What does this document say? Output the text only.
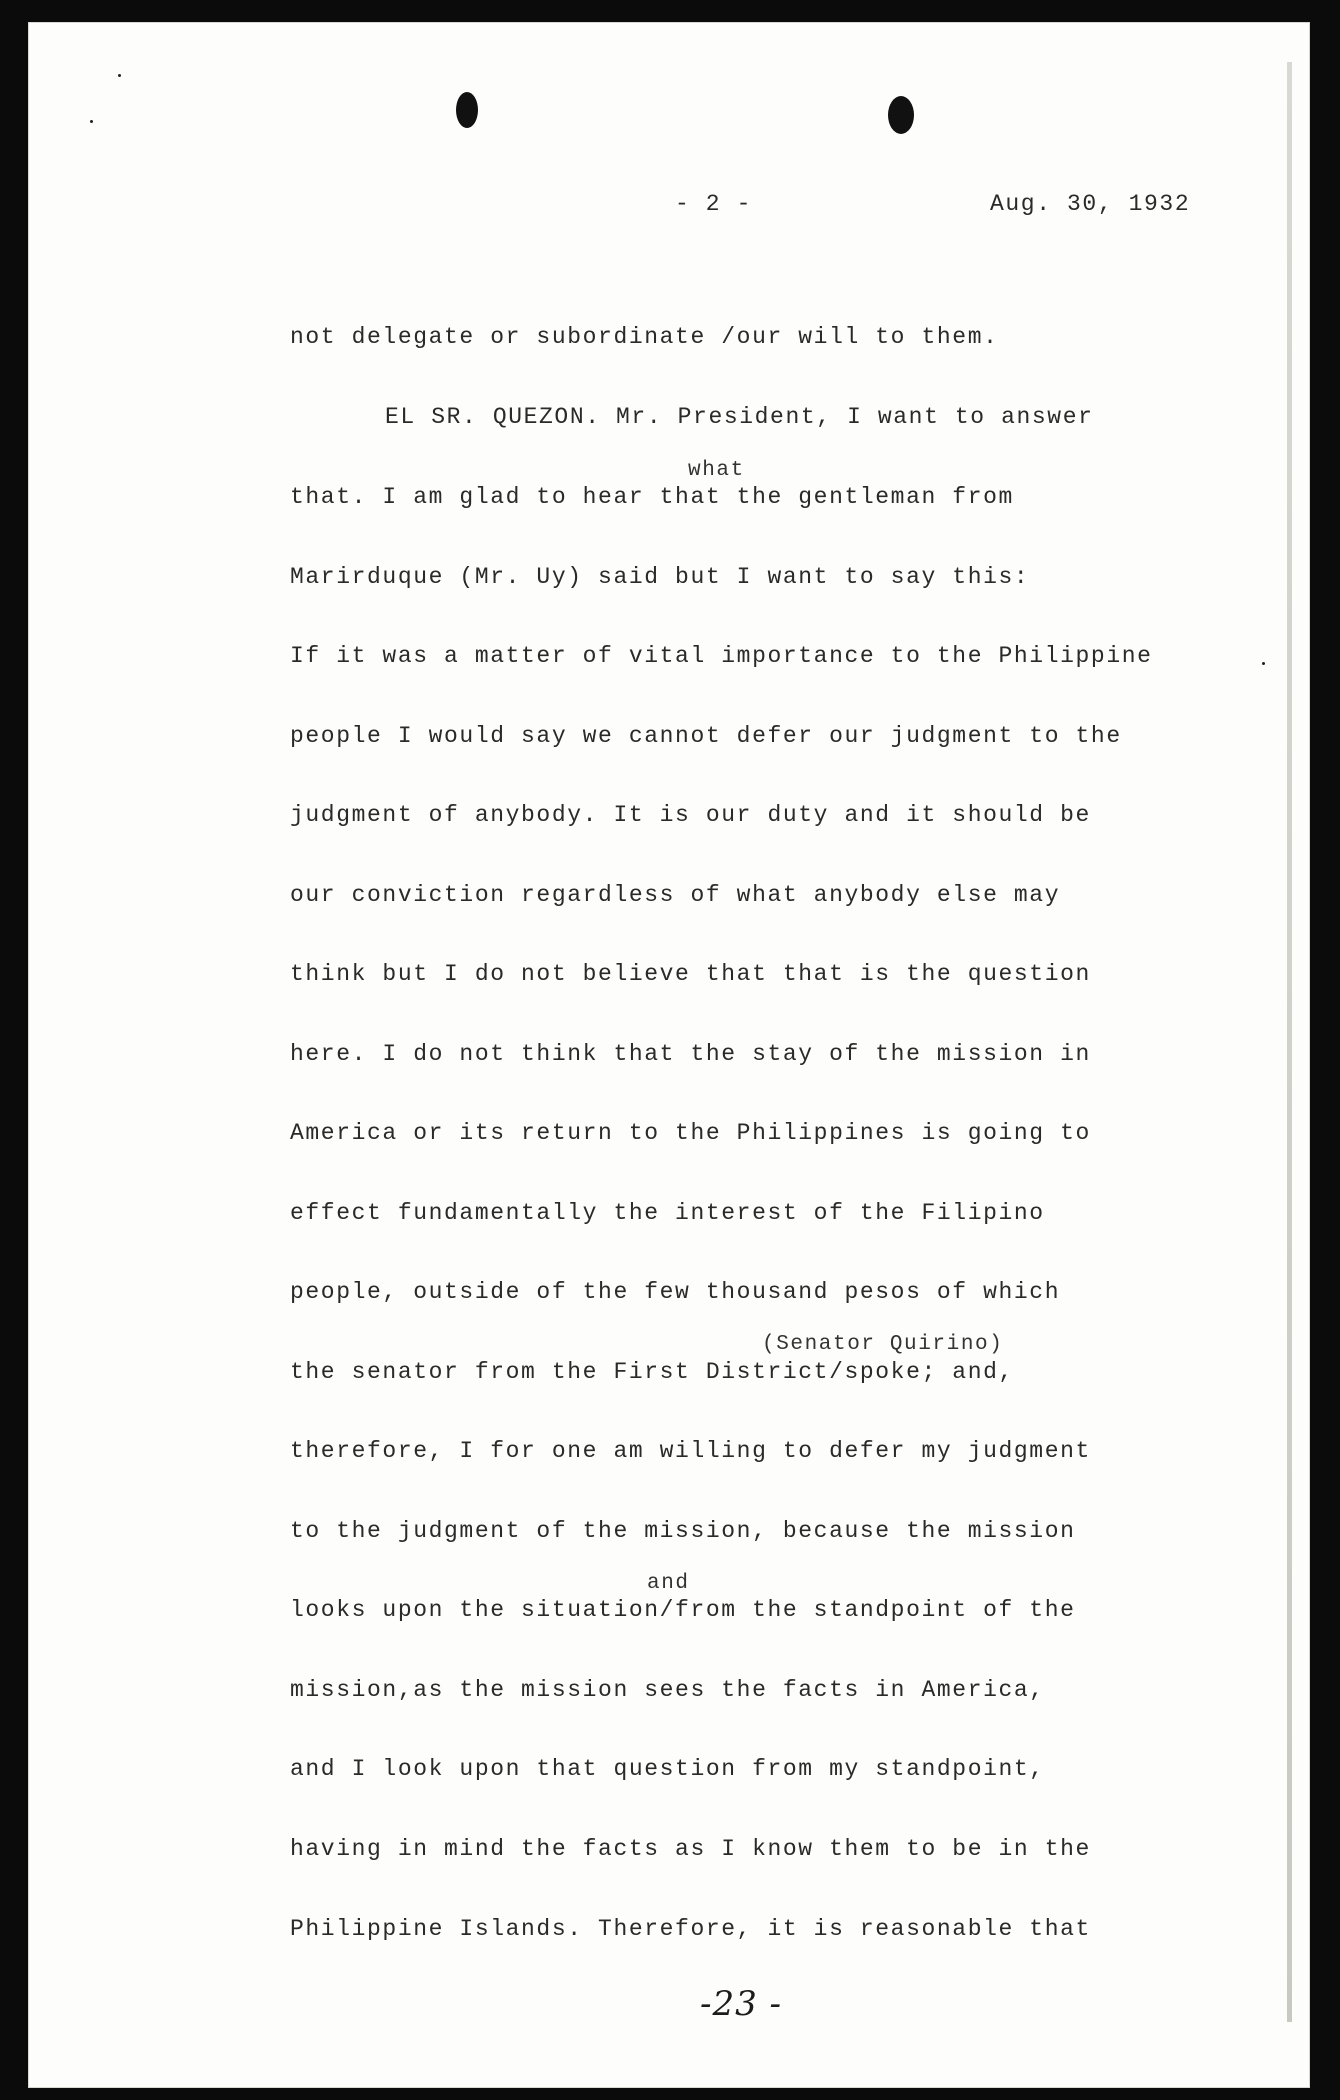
- 2 -	Aug. 30, 1932
not delegate or subordinate /our will to them.
EL SR. QUEZON. Mr. President, I want to answer
what
that. I am glad to hear that the gentleman from
Marirduque (Mr. Uy) said but I want to say this:
If it was a matter of vital importance to the Philippine
people I would say we cannot defer our judgment to the
judgment of anybody. It is our duty and it should be
our conviction regardless of what anybody else may
think but I do not believe that that is the question
here. I do not think that the stay of the mission in
America or its return to the Philippines is going to
effect fundamentally the interest of the Filipino
people, outside of the few thousand pesos of which
(Senator Quirino)
the senator from the First District/spoke; and,
therefore, I for one am willing to defer my judgment
to the judgment of the mission, because the mission
and
looks upon the situation/from the standpoint of the
mission,as the mission sees the facts in America,
and I look upon that question from my standpoint,
having in mind the facts as I know them to be in the
Philippine Islands. Therefore, it is reasonable that
-23 -
